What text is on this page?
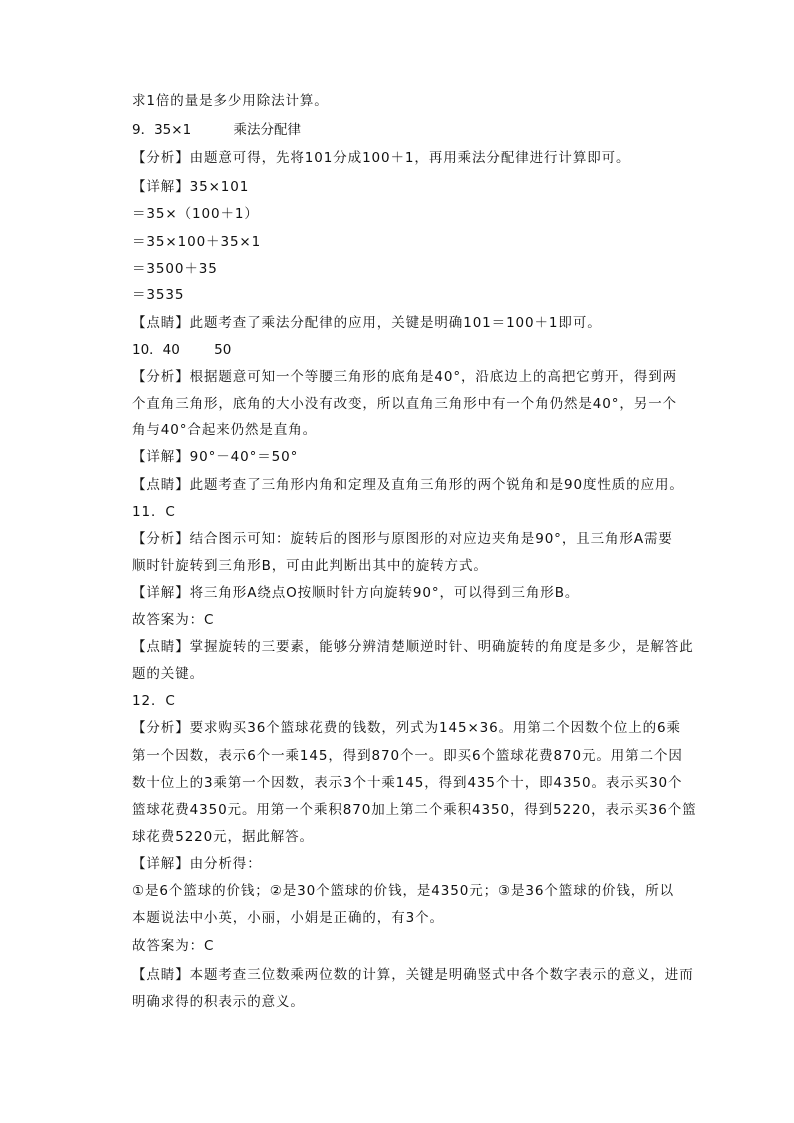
求1倍的量是多少用除法计算。
9．35×1	乘法分配律
【分析】由题意可得，先将101分成100＋1，再用乘法分配律进行计算即可。
【详解】35×101
＝35×（100＋1）
＝35×100＋35×1
＝3500＋35
＝3535
【点睛】此题考查了乘法分配律的应用，关键是明确101＝100＋1即可。
10．40	50
【分析】根据题意可知一个等腰三角形的底角是40°，沿底边上的高把它剪开，得到两
个直角三角形，底角的大小没有改变，所以直角三角形中有一个角仍然是40°，另一个
角与40°合起来仍然是直角。
【详解】90°－40°＝50°
【点睛】此题考查了三角形内角和定理及直角三角形的两个锐角和是90度性质的应用。
11．C
【分析】结合图示可知：旋转后的图形与原图形的对应边夹角是90°，且三角形A需要
顺时针旋转到三角形B，可由此判断出其中的旋转方式。
【详解】将三角形A绕点O按顺时针方向旋转90°，可以得到三角形B。
故答案为：C
【点睛】掌握旋转的三要素，能够分辨清楚顺逆时针、明确旋转的角度是多少，是解答此
题的关键。
12．C
【分析】要求购买36个篮球花费的钱数，列式为145×36。用第二个因数个位上的6乘
第一个因数，表示6个一乘145，得到870个一。即买6个篮球花费870元。用第二个因
数十位上的3乘第一个因数，表示3个十乘145，得到435个十，即4350。表示买30个
篮球花费4350元。用第一个乘积870加上第二个乘积4350，得到5220，表示买36个篮
球花费5220元，据此解答。
【详解】由分析得：
①是6个篮球的价钱；②是30个篮球的价钱，是4350元；③是36个篮球的价钱，所以
本题说法中小英，小丽，小娟是正确的，有3个。
故答案为：C
【点睛】本题考查三位数乘两位数的计算，关键是明确竖式中各个数字表示的意义，进而
明确求得的积表示的意义。
